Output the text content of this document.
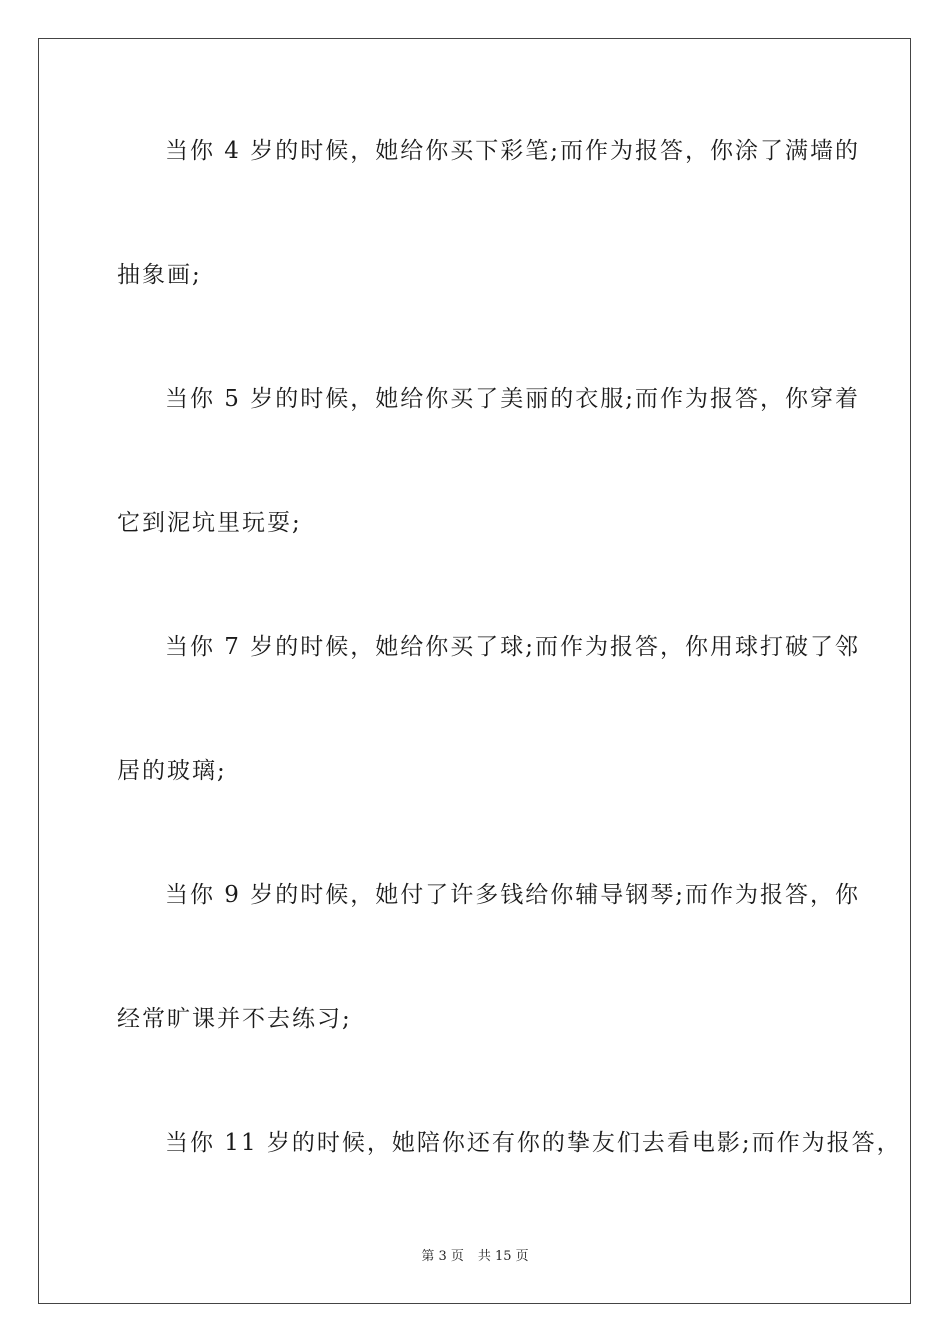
当你 4 岁的时候，她给你买下彩笔;而作为报答，你涂了满墙的
抽象画;
当你 5 岁的时候，她给你买了美丽的衣服;而作为报答，你穿着
它到泥坑里玩耍;
当你 7 岁的时候，她给你买了球;而作为报答，你用球打破了邻
居的玻璃;
当你 9 岁的时候，她付了许多钱给你辅导钢琴;而作为报答，你
经常旷课并不去练习;
当你 11 岁的时候，她陪你还有你的挚友们去看电影;而作为报答，
第 3 页 共 15 页
